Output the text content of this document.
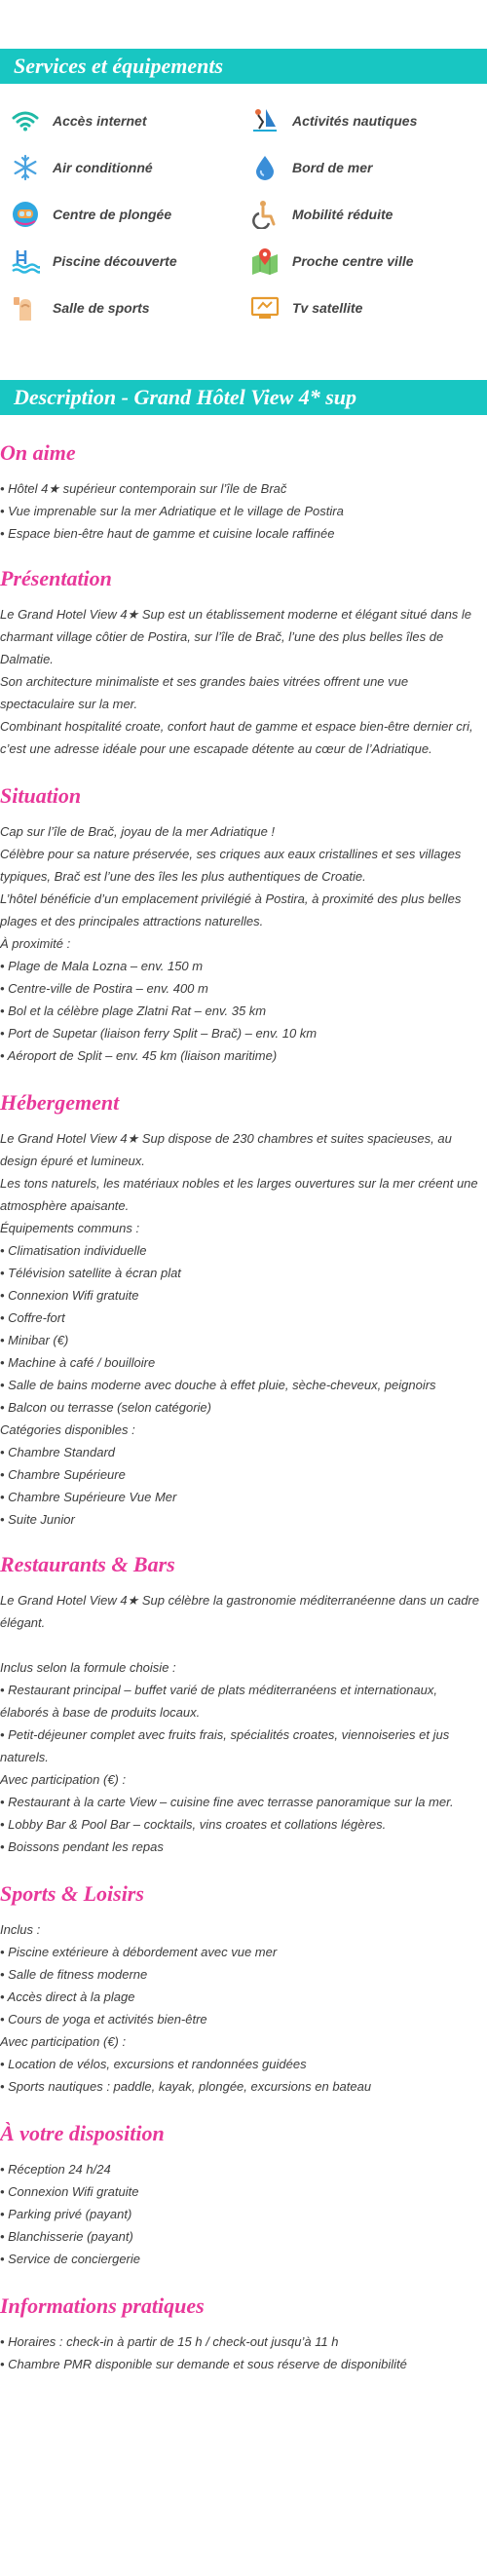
Services et équipements
Accès internet	Activités nautiques
Air conditionné	Bord de mer
Centre de plongée	Mobilité réduite
Piscine découverte	Proche centre ville
Salle de sports	Tv satellite
Description - Grand Hôtel View 4* sup
On aime

• Hôtel 4★ supérieur contemporain sur l’île de Brač
• Vue imprenable sur la mer Adriatique et le village de Postira
• Espace bien-être haut de gamme et cuisine locale raffinée

Présentation

Le Grand Hotel View 4★ Sup est un établissement moderne et élégant situé dans le charmant village côtier de Postira, sur l’île de Brač, l’une des plus belles îles de Dalmatie.
Son architecture minimaliste et ses grandes baies vitrées offrent une vue spectaculaire sur la mer.
Combinant hospitalité croate, confort haut de gamme et espace bien-être dernier cri, c’est une adresse idéale pour une escapade détente au cœur de l’Adriatique.

Situation

Cap sur l’île de Brač, joyau de la mer Adriatique !
Célèbre pour sa nature préservée, ses criques aux eaux cristallines et ses villages typiques, Brač est l’une des îles les plus authentiques de Croatie.
L’hôtel bénéficie d’un emplacement privilégié à Postira, à proximité des plus belles plages et des principales attractions naturelles.
À proximité :
• Plage de Mala Lozna – env. 150 m
• Centre-ville de Postira – env. 400 m
• Bol et la célèbre plage Zlatni Rat – env. 35 km
• Port de Supetar (liaison ferry Split – Brač) – env. 10 km
• Aéroport de Split – env. 45 km (liaison maritime)

Hébergement

Le Grand Hotel View 4★ Sup dispose de 230 chambres et suites spacieuses, au design épuré et lumineux.
Les tons naturels, les matériaux nobles et les larges ouvertures sur la mer créent une atmosphère apaisante.
Équipements communs :
• Climatisation individuelle
• Télévision satellite à écran plat
• Connexion Wifi gratuite
• Coffre-fort
• Minibar (€)
• Machine à café / bouilloire
• Salle de bains moderne avec douche à effet pluie, sèche-cheveux, peignoirs
• Balcon ou terrasse (selon catégorie)
Catégories disponibles :
• Chambre Standard
• Chambre Supérieure
• Chambre Supérieure Vue Mer
• Suite Junior

Restaurants & Bars

Le Grand Hotel View 4★ Sup célèbre la gastronomie méditerranéenne dans un cadre élégant.

Inclus selon la formule choisie :
• Restaurant principal – buffet varié de plats méditerranéens et internationaux, élaborés à base de produits locaux.
• Petit-déjeuner complet avec fruits frais, spécialités croates, viennoiseries et jus naturels.
Avec participation (€) :
• Restaurant à la carte View – cuisine fine avec terrasse panoramique sur la mer.
• Lobby Bar & Pool Bar – cocktails, vins croates et collations légères.
• Boissons pendant les repas

Sports & Loisirs

Inclus :
• Piscine extérieure à débordement avec vue mer
• Salle de fitness moderne
• Accès direct à la plage
• Cours de yoga et activités bien-être
Avec participation (€) :
• Location de vélos, excursions et randonnées guidées
• Sports nautiques : paddle, kayak, plongée, excursions en bateau

À votre disposition

• Réception 24 h/24
• Connexion Wifi gratuite
• Parking privé (payant)
• Blanchisserie (payant)
• Service de conciergerie

Informations pratiques

• Horaires : check-in à partir de 15 h / check-out jusqu’à 11 h
• Chambre PMR disponible sur demande et sous réserve de disponibilité
